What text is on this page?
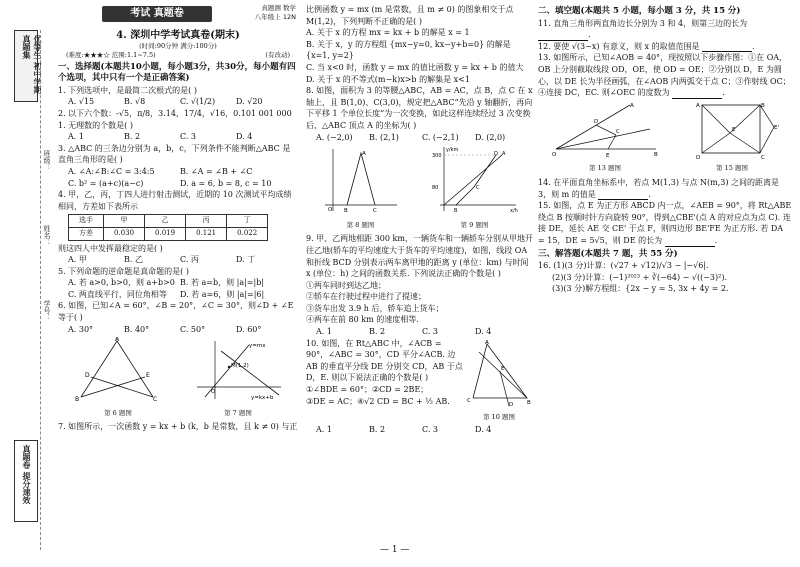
优等生 初中学期真题集
姓名：
班级：
学号：
真题卷 提分速效
考试 真题卷	真题测 数学
八年级上 12N
4. 深圳中学考试真卷(期末)
(时间:90分钟 满分:100分)
(难度:★★★☆ 范围:1.1~7.5)	(有改动)
一、选择题(本题共10小题，每小题3分，共30分，每小题有四个选项，其中只有一个是正确答案)
1. 下列选项中，是最简二次根式的是( )
A. √15	B. √8	C. √(1/2)	D. √20
2. 以下六个数：-√5，π/8，3.14，17/4，√16，0.101 001 000 1. 无理数的个数是( )
A. 1	B. 2	C. 3	D. 4
3. △ABC 的三条边分别为 a，b，c，下列条件不能判断△ABC 是直角三角形的是( )
A. ∠A:∠B:∠C = 3:4:5	B. ∠A = ∠B + ∠C
C. b² = (a+c)(a−c)	D. a = 6, b = 8, c = 10
4. 甲，乙，丙，丁四人进行射击测试，近期的 10 次测试平均成绩相同，方差如下表所示
选手	甲	乙	丙	丁
方差	0.030	0.019	0.121	0.022
则这四人中发挥最稳定的是( )
A. 甲	B. 乙	C. 丙	D. 丁
5. 下列命题的逆命题是真命题的是( )
A. 若 a>0, b>0，则 a+b>0 B. 若 a=b，则 |a|=|b|
C. 两直线平行，同位角相等	D. 若 a=6，则 |a|=|6|
6. 如图，已知∠A = 60°，∠B = 20°，∠C = 30°，则∠D + ∠E 等于( )
A. 30°	B. 40°	C. 50°	D. 60°
A
B	C
D	E
第 6 题图
M(1,2)
y=mx
y=kx+b
O
第 7 题图
7. 如图所示，一次函数 y = kx + b (k，b 是常数，且 k ≠ 0) 与正
比例函数 y = mx (m 是常数，且 m ≠ 0) 的图象相交于点 M(1,2)，下列判断不正确的是( )
A. 关于 x 的方程 mx = kx + b 的解是 x = 1
B. 关于 x，y 的方程组 {mx−y=0, kx−y+b=0} 的解是 {x=1, y=2}
C. 当 x<0 时，函数 y = mx 的值比函数 y = kx + b 的值大
D. 关于 x 的不等式(m−k)x>b 的解集是 x<1
8. 如图，面积为 3 的等腰△ABC，AB = AC，点 B，点 C 在 x 轴上，且 B(1,0)、C(3,0)，规定把△ABC“先沿 y 轴翻折，再向下平移 1 个单位长度”为一次变换，如此这样连续经过 3 次变换后，△ABC 顶点 A 的坐标为( )
A. (−2,0)	B. (2,1)	C. (−2,1)	D. (2,0)
A
B	C
O
第 8 题图
300
80
y/km
A
D
C
B	x/h
第 9 题图
9. 甲、乙两地相距 300 km，一辆货车和一辆轿车分别从甲地开往乙地(轿车的平均速度大于货车的平均速度)，如图，线段 OA 和折线 BCD 分别表示两车离甲地的距离 y (单位：km) 与时间 x (单位：h) 之间的函数关系. 下列说法正确的个数是( )
①两车同时到达乙地；
②轿车在行驶过程中进行了提速；
③货车出发 3.9 h 后，轿车追上货车；
④两车在前 80 km 的速度相等.
A. 1	B. 2	C. 3	D. 4
10. 如图，在 Rt△ABC 中，∠ACB = 90°，∠ABC = 30°，CD 平分∠ACB. 边 AB 的垂直平分线 DE 分别交 CD，AB 于点 D，E. 则以下说法正确的个数是( )
①∠BDE = 60°；②CD = 2BE；
③DE = AC；④√2 CD = BC + ½ AB.
A
B
C
D
E
第 10 题图
A. 1	B. 2	C. 3	D. 4
二、填空题(本题共 5 小题，每小题 3 分，共 15 分)
11. 直角三角形两直角边长分别为 3 和 4，则第三边的长为 .
12. 要使 √(3−x) 有意义，则 x 的取值范围是	.
13. 如图所示，已知∠AOB = 40°，现按照以下步骤作图：①在 OA，OB 上分别截取线段 OD，OE，使 OD = OE；②分别以 D，E 为圆心，以 DE 长为半径画弧，在∠AOB 内两弧交于点 C；③作射线 OC；④连接 DC，EC. 则∠OEC 的度数为	.
O
A
B
C
D
E
第 13 题图
A	B
C
D
E	E'
第 15 题图
14. 在平面直角坐标系中，若点 M(1,3) 与点 N(m,3) 之间的距离是 3，则 m 的值是	.
15. 如图，点 E 为正方形 ABCD 内一点，∠AEB = 90°，将 Rt△ABE 绕点 B 按顺时针方向旋转 90°，得到△CBE'(点 A 的对应点为点 C). 连接 DE，延长 AE 交 CE' 于点 F，则四边形 BE'FE 为正方形. 若 DA = 15，DE = 5√5，则 DE 的长为	.
三、解答题(本题共 7 题，共 55 分)
16. (1)(3 分)计算：(√27 + √12)/√3 − |−√6|.
(2)(3 分)计算：(−1)²⁰²³ + ∛(−64) − √((−3)²).
(3)(3 分)解方程组：{2x − y = 5, 3x + 4y = 2.
— 1 —
